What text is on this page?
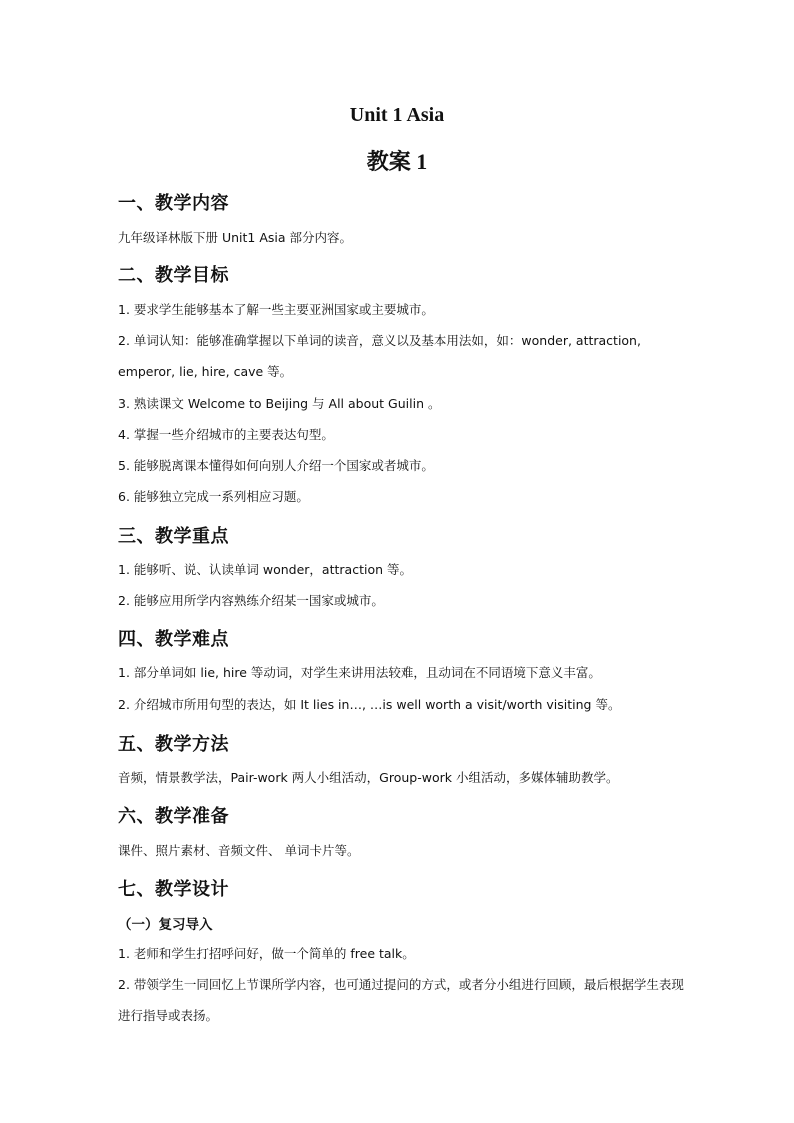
Unit 1 Asia
教案 1
一、教学内容
九年级译林版下册 Unit1 Asia 部分内容。
二、教学目标
1. 要求学生能够基本了解一些主要亚洲国家或主要城市。
2. 单词认知：能够准确掌握以下单词的读音，意义以及基本用法如，如：wonder, attraction, emperor, lie, hire, cave 等。
3. 熟读课文 Welcome to Beijing 与 All about Guilin 。
4. 掌握一些介绍城市的主要表达句型。
5. 能够脱离课本懂得如何向别人介绍一个国家或者城市。
6. 能够独立完成一系列相应习题。
三、教学重点
1. 能够听、说、认读单词 wonder，attraction 等。
2. 能够应用所学内容熟练介绍某一国家或城市。
四、教学难点
1. 部分单词如 lie, hire 等动词，对学生来讲用法较难，且动词在不同语境下意义丰富。
2. 介绍城市所用句型的表达，如 It lies in…, …is well worth a visit/worth visiting 等。
五、教学方法
音频，情景教学法，Pair-work 两人小组活动，Group-work 小组活动，多媒体辅助教学。
六、教学准备
课件、照片素材、音频文件、 单词卡片等。
七、教学设计
（一）复习导入
1. 老师和学生打招呼问好，做一个简单的 free talk。
2. 带领学生一同回忆上节课所学内容，也可通过提问的方式，或者分小组进行回顾，最后根据学生表现进行指导或表扬。
